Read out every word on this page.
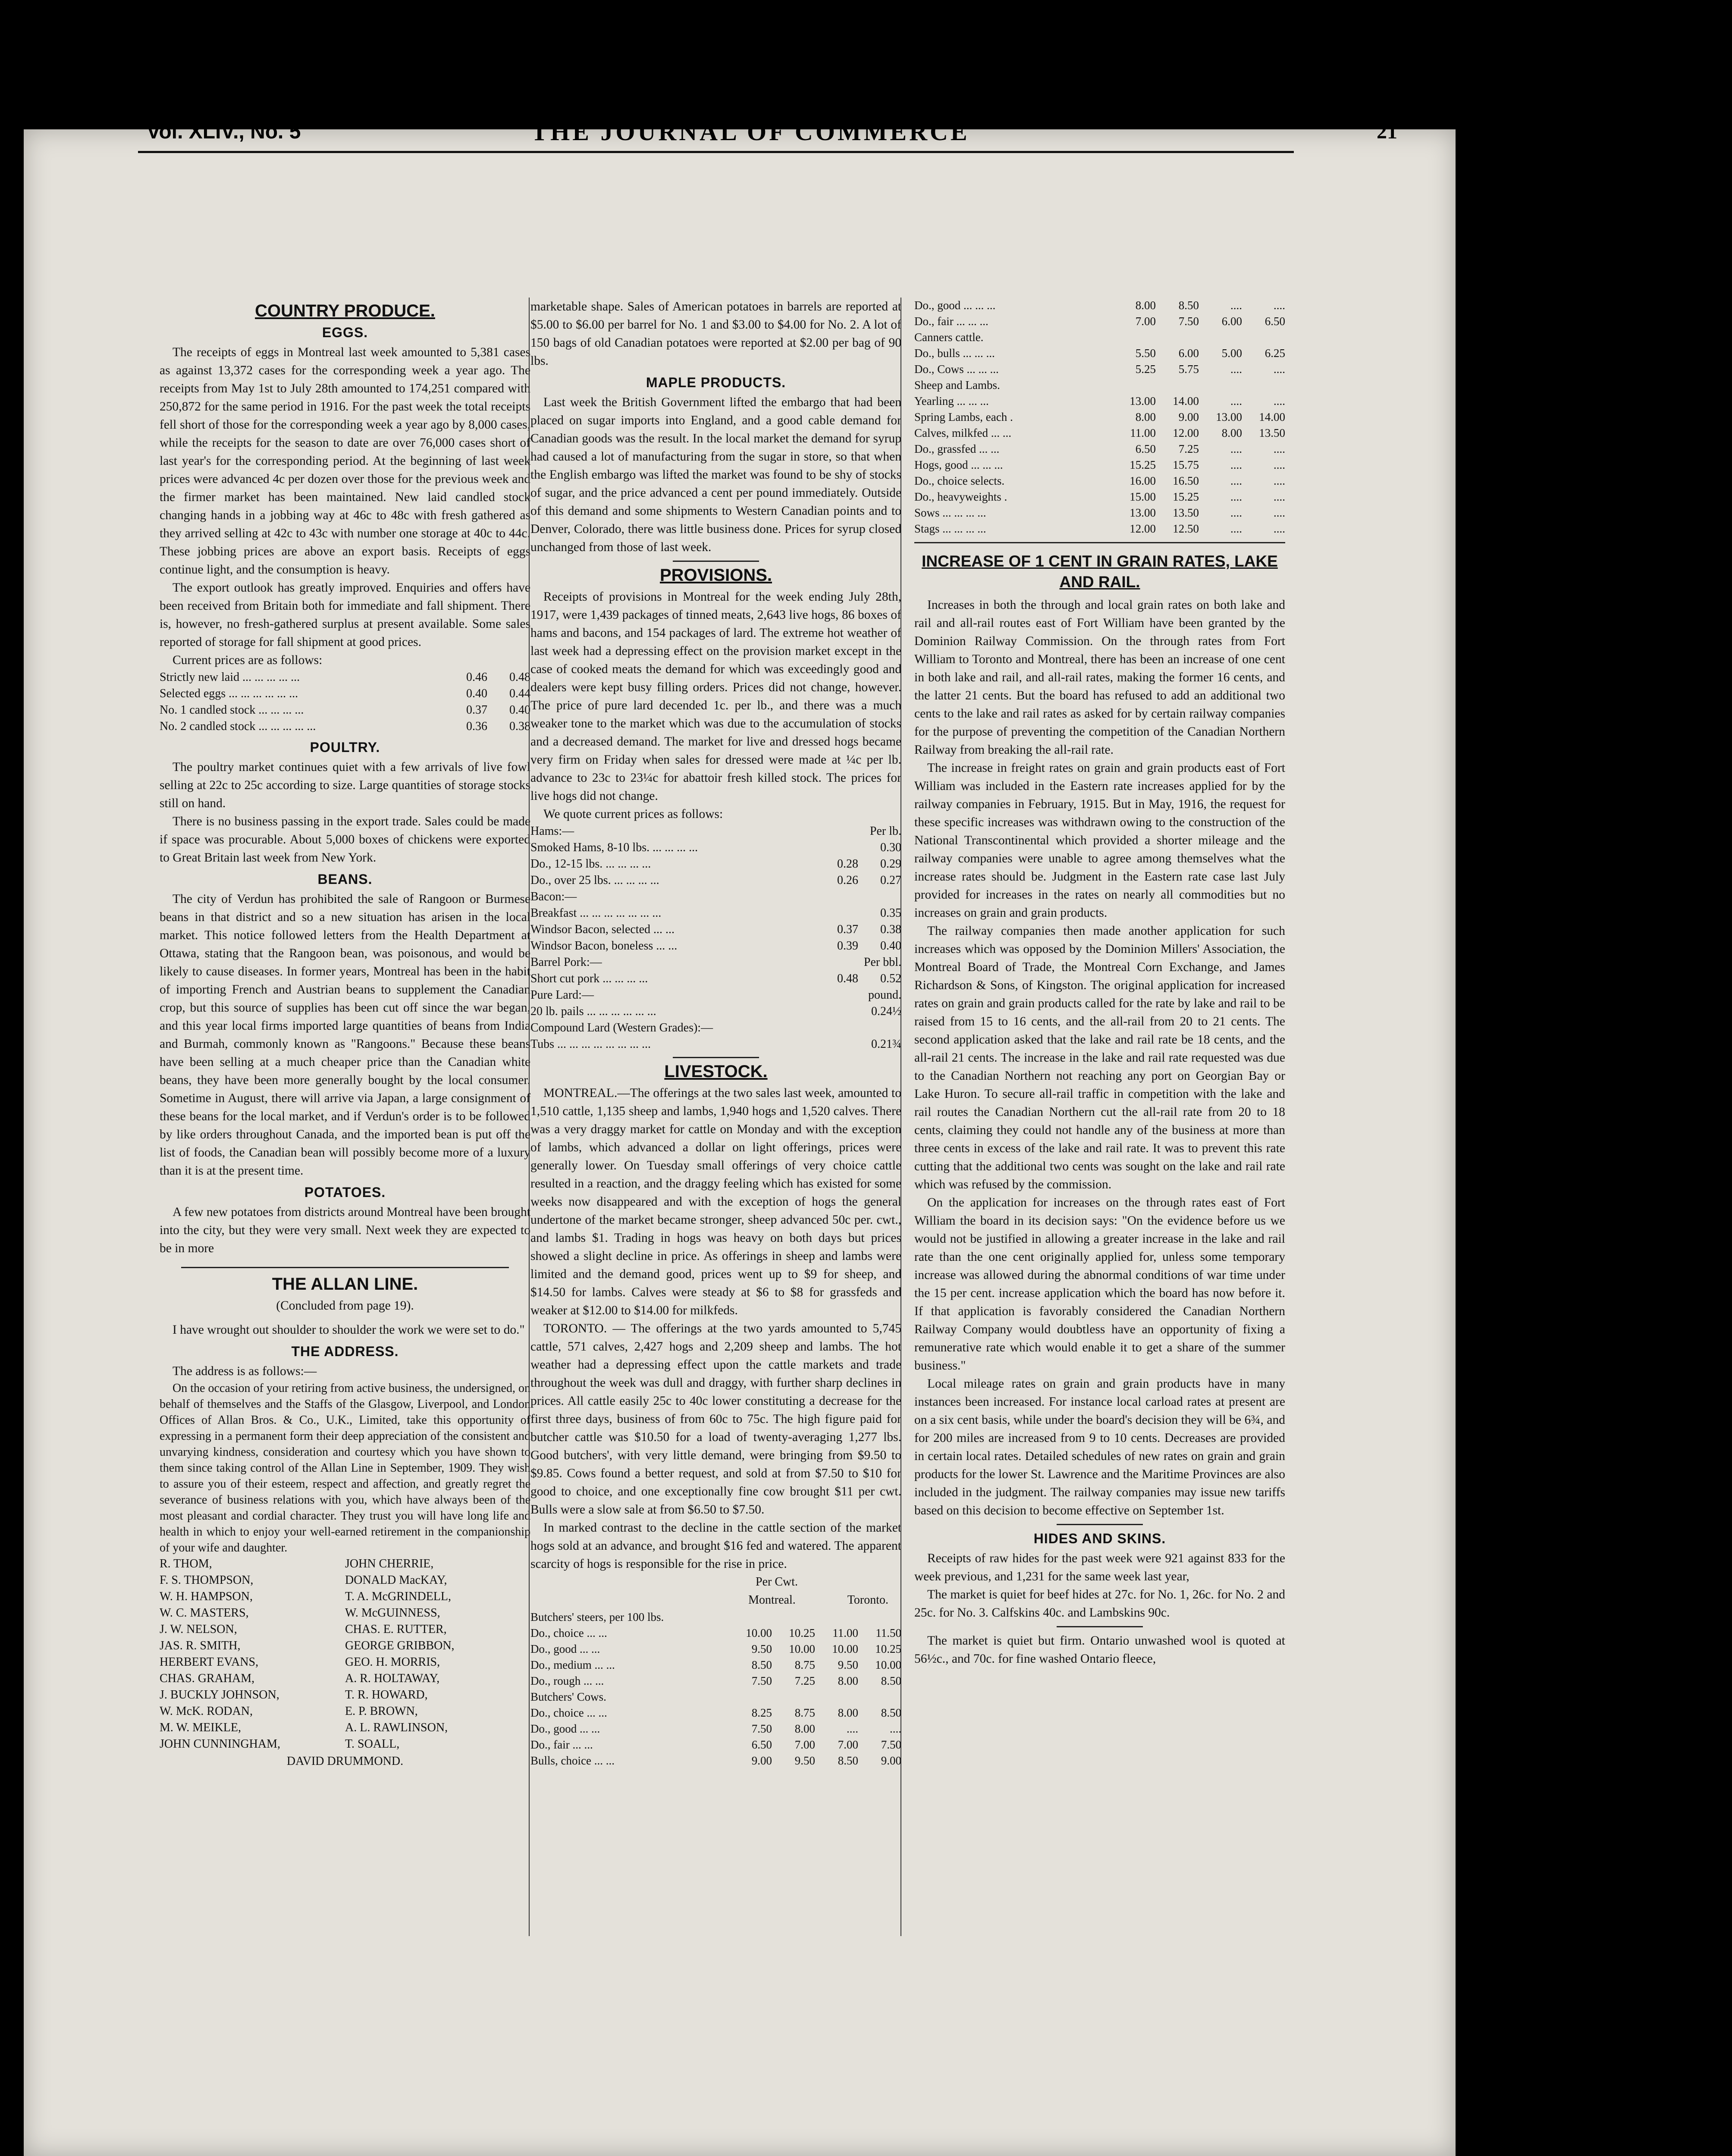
Vol. XLIV., No. 5	THE JOURNAL OF COMMERCE	21
COUNTRY PRODUCE.
EGGS.

The receipts of eggs in Montreal last week amounted to 5,381 cases as against 13,372 cases for the corresponding week a year ago. The receipts from May 1st to July 28th amounted to 174,251 compared with 250,872 for the same period in 1916. For the past week the total receipts fell short of those for the corresponding week a year ago by 8,000 cases, while the receipts for the season to date are over 76,000 cases short of last year's for the corresponding period. At the beginning of last week prices were advanced 4c per dozen over those for the previous week and the firmer market has been maintained. New laid candled stock changing hands in a jobbing way at 46c to 48c with fresh gathered as they arrived selling at 42c to 43c with number one storage at 40c to 44c. These jobbing prices are above an export basis. Receipts of eggs continue light, and the consumption is heavy.

The export outlook has greatly improved. Enquiries and offers have been received from Britain both for immediate and fall shipment. There is, however, no fresh-gathered surplus at present available. Some sales reported of storage for fall shipment at good prices.

Current prices are as follows:

Strictly new laid ... ... ... ... ...	0.46	0.48
Selected eggs ... ... ... ... ... ...	0.40	0.44
No. 1 candled stock ... ... ... ...	0.37	0.40
No. 2 candled stock ... ... ... ... ...	0.36	0.38
POULTRY.

The poultry market continues quiet with a few arrivals of live fowl selling at 22c to 25c according to size. Large quantities of storage stocks still on hand.

There is no business passing in the export trade. Sales could be made if space was procurable. About 5,000 boxes of chickens were exported to Great Britain last week from New York.

BEANS.

The city of Verdun has prohibited the sale of Rangoon or Burmese beans in that district and so a new situation has arisen in the local market. This notice followed letters from the Health Department at Ottawa, stating that the Rangoon bean, was poisonous, and would be likely to cause diseases. In former years, Montreal has been in the habit of importing French and Austrian beans to supplement the Canadian crop, but this source of supplies has been cut off since the war began, and this year local firms imported large quantities of beans from India and Burmah, commonly known as "Rangoons." Because these beans have been selling at a much cheaper price than the Canadian white beans, they have been more generally bought by the local consumer. Sometime in August, there will arrive via Japan, a large consignment of these beans for the local market, and if Verdun's order is to be followed by like orders throughout Canada, and the imported bean is put off the list of foods, the Canadian bean will possibly become more of a luxury than it is at the present time.

POTATOES.

A few new potatoes from districts around Montreal have been brought into the city, but they were very small. Next week they are expected to be in more

THE ALLAN LINE.
(Concluded from page 19).

I have wrought out shoulder to shoulder the work we were set to do."

THE ADDRESS.

The address is as follows:—

On the occasion of your retiring from active business, the undersigned, on behalf of themselves and the Staffs of the Glasgow, Liverpool, and London Offices of Allan Bros. & Co., U.K., Limited, take this opportunity of expressing in a permanent form their deep appreciation of the consistent and unvarying kindness, consideration and courtesy which you have shown to them since taking control of the Allan Line in September, 1909. They wish to assure you of their esteem, respect and affection, and greatly regret the severance of business relations with you, which have always been of the most pleasant and cordial character. They trust you will have long life and health in which to enjoy your well-earned retirement in the companionship of your wife and daughter.

R. THOM,	JOHN CHERRIE,
F. S. THOMPSON,	DONALD MacKAY,
W. H. HAMPSON,	T. A. McGRINDELL,
W. C. MASTERS,	W. McGUINNESS,
J. W. NELSON,	CHAS. E. RUTTER,
JAS. R. SMITH,	GEORGE GRIBBON,
HERBERT EVANS,	GEO. H. MORRIS,
CHAS. GRAHAM,	A. R. HOLTAWAY,
J. BUCKLY JOHNSON,	T. R. HOWARD,
W. McK. RODAN,	E. P. BROWN,
M. W. MEIKLE,	A. L. RAWLINSON,
JOHN CUNNINGHAM,	T. SOALL,
DAVID DRUMMOND.

marketable shape. Sales of American potatoes in barrels are reported at $5.00 to $6.00 per barrel for No. 1 and $3.00 to $4.00 for No. 2. A lot of 150 bags of old Canadian potatoes were reported at $2.00 per bag of 90 lbs.

MAPLE PRODUCTS.

Last week the British Government lifted the embargo that had been placed on sugar imports into England, and a good cable demand for Canadian goods was the result. In the local market the demand for syrup had caused a lot of manufacturing from the sugar in store, so that when the English embargo was lifted the market was found to be shy of stocks of sugar, and the price advanced a cent per pound immediately. Outside of this demand and some shipments to Western Canadian points and to Denver, Colorado, there was little business done. Prices for syrup closed unchanged from those of last week.

PROVISIONS.

Receipts of provisions in Montreal for the week ending July 28th, 1917, were 1,439 packages of tinned meats, 2,643 live hogs, 86 boxes of hams and bacons, and 154 packages of lard. The extreme hot weather of last week had a depressing effect on the provision market except in the case of cooked meats the demand for which was exceedingly good and dealers were kept busy filling orders. Prices did not change, however. The price of pure lard decended 1c. per lb., and there was a much weaker tone to the market which was due to the accumulation of stocks and a decreased demand. The market for live and dressed hogs became very firm on Friday when sales for dressed were made at ¼c per lb. advance to 23c to 23¼c for abattoir fresh killed stock. The prices for live hogs did not change.

We quote current prices as follows:

Hams:—	Per lb.
Smoked Hams, 8-10 lbs. ... ... ... ...	0.30
Do., 12-15 lbs. ... ... ... ...	0.28	0.29
Do., over 25 lbs. ... ... ... ...	0.26	0.27
Bacon:—
Breakfast ... ... ... ... ... ... ...	0.35
Windsor Bacon, selected ... ...	0.37	0.38
Windsor Bacon, boneless ... ...	0.39	0.40
Barrel Pork:—	Per bbl.
Short cut pork ... ... ... ...	0.48	0.52
Pure Lard:—	pound.
20 lb. pails ... ... ... ... ... ...	0.24½
Compound Lard (Western Grades):—
Tubs ... ... ... ... ... ... ... ...	0.21¾
LIVESTOCK.

MONTREAL.—The offerings at the two sales last week, amounted to 1,510 cattle, 1,135 sheep and lambs, 1,940 hogs and 1,520 calves. There was a very draggy market for cattle on Monday and with the exception of lambs, which advanced a dollar on light offerings, prices were generally lower. On Tuesday small offerings of very choice cattle resulted in a reaction, and the draggy feeling which has existed for some weeks now disappeared and with the exception of hogs the general undertone of the market became stronger, sheep advanced 50c per. cwt., and lambs $1. Trading in hogs was heavy on both days but prices showed a slight decline in price. As offerings in sheep and lambs were limited and the demand good, prices went up to $9 for sheep, and $14.50 for lambs. Calves were steady at $6 to $8 for grassfeds and weaker at $12.00 to $14.00 for milkfeds.

TORONTO. — The offerings at the two yards amounted to 5,745 cattle, 571 calves, 2,427 hogs and 2,209 sheep and lambs. The hot weather had a depressing effect upon the cattle markets and trade throughout the week was dull and draggy, with further sharp declines in prices. All cattle easily 25c to 40c lower constituting a decrease for the first three days, business of from 60c to 75c. The high figure paid for butcher cattle was $10.50 for a load of twenty-averaging 1,277 lbs. Good butchers', with very little demand, were bringing from $9.50 to $9.85. Cows found a better request, and sold at from $7.50 to $10 for good to choice, and one exceptionally fine cow brought $11 per cwt. Bulls were a slow sale at from $6.50 to $7.50.

In marked contrast to the decline in the cattle section of the market hogs sold at an advance, and brought $16 fed and watered. The apparent scarcity of hogs is responsible for the rise in price.

Per Cwt.
Montreal.	Toronto.
Butchers' steers, per 100 lbs.
Do., choice ... ...	10.00	10.25	11.00	11.50
Do., good ... ...	9.50	10.00	10.00	10.25
Do., medium ... ...	8.50	8.75	9.50	10.00
Do., rough ... ...	7.50	7.25	8.00	8.50
Butchers' Cows.
Do., choice ... ...	8.25	8.75	8.00	8.50
Do., good ... ...	7.50	8.00	....	....
Do., fair ... ...	6.50	7.00	7.00	7.50
Bulls, choice ... ...	9.00	9.50	8.50	9.00
Do., good ... ... ...	8.00	8.50	....	....
Do., fair ... ... ...	7.00	7.50	6.00	6.50
Canners cattle.
Do., bulls ... ... ...	5.50	6.00	5.00	6.25
Do., Cows ... ... ...	5.25	5.75	....	....
Sheep and Lambs.
Yearling ... ... ...	13.00	14.00	....	....
Spring Lambs, each .	8.00	9.00	13.00	14.00
Calves, milkfed ... ...	11.00	12.00	8.00	13.50
Do., grassfed ... ...	6.50	7.25	....	....
Hogs, good ... ... ...	15.25	15.75	....	....
Do., choice selects.	16.00	16.50	....	....
Do., heavyweights .	15.00	15.25	....	....
Sows ... ... ... ...	13.00	13.50	....	....
Stags ... ... ... ...	12.00	12.50	....	....
INCREASE OF 1 CENT IN GRAIN RATES, LAKE AND RAIL.

Increases in both the through and local grain rates on both lake and rail and all-rail routes east of Fort William have been granted by the Dominion Railway Commission. On the through rates from Fort William to Toronto and Montreal, there has been an increase of one cent in both lake and rail, and all-rail rates, making the former 16 cents, and the latter 21 cents. But the board has refused to add an additional two cents to the lake and rail rates as asked for by certain railway companies for the purpose of preventing the competition of the Canadian Northern Railway from breaking the all-rail rate.

The increase in freight rates on grain and grain products east of Fort William was included in the Eastern rate increases applied for by the railway companies in February, 1915. But in May, 1916, the request for these specific increases was withdrawn owing to the construction of the National Transcontinental which provided a shorter mileage and the railway companies were unable to agree among themselves what the increase rates should be. Judgment in the Eastern rate case last July provided for increases in the rates on nearly all commodities but no increases on grain and grain products.

The railway companies then made another application for such increases which was opposed by the Dominion Millers' Association, the Montreal Board of Trade, the Montreal Corn Exchange, and James Richardson & Sons, of Kingston. The original application for increased rates on grain and grain products called for the rate by lake and rail to be raised from 15 to 16 cents, and the all-rail from 20 to 21 cents. The second application asked that the lake and rail rate be 18 cents, and the all-rail 21 cents. The increase in the lake and rail rate requested was due to the Canadian Northern not reaching any port on Georgian Bay or Lake Huron. To secure all-rail traffic in competition with the lake and rail routes the Canadian Northern cut the all-rail rate from 20 to 18 cents, claiming they could not handle any of the business at more than three cents in excess of the lake and rail rate. It was to prevent this rate cutting that the additional two cents was sought on the lake and rail rate which was refused by the commission.

On the application for increases on the through rates east of Fort William the board in its decision says: "On the evidence before us we would not be justified in allowing a greater increase in the lake and rail rate than the one cent originally applied for, unless some temporary increase was allowed during the abnormal conditions of war time under the 15 per cent. increase application which the board has now before it. If that application is favorably considered the Canadian Northern Railway Company would doubtless have an opportunity of fixing a remunerative rate which would enable it to get a share of the summer business."

Local mileage rates on grain and grain products have in many instances been increased. For instance local carload rates at present are on a six cent basis, while under the board's decision they will be 6¾, and for 200 miles are increased from 9 to 10 cents. Decreases are provided in certain local rates. Detailed schedules of new rates on grain and grain products for the lower St. Lawrence and the Maritime Provinces are also included in the judgment. The railway companies may issue new tariffs based on this decision to become effective on September 1st.

HIDES AND SKINS.

Receipts of raw hides for the past week were 921 against 833 for the week previous, and 1,231 for the same week last year,

The market is quiet for beef hides at 27c. for No. 1, 26c. for No. 2 and 25c. for No. 3. Calfskins 40c. and Lambskins 90c.

The market is quiet but firm. Ontario unwashed wool is quoted at 56½c., and 70c. for fine washed Ontario fleece,
